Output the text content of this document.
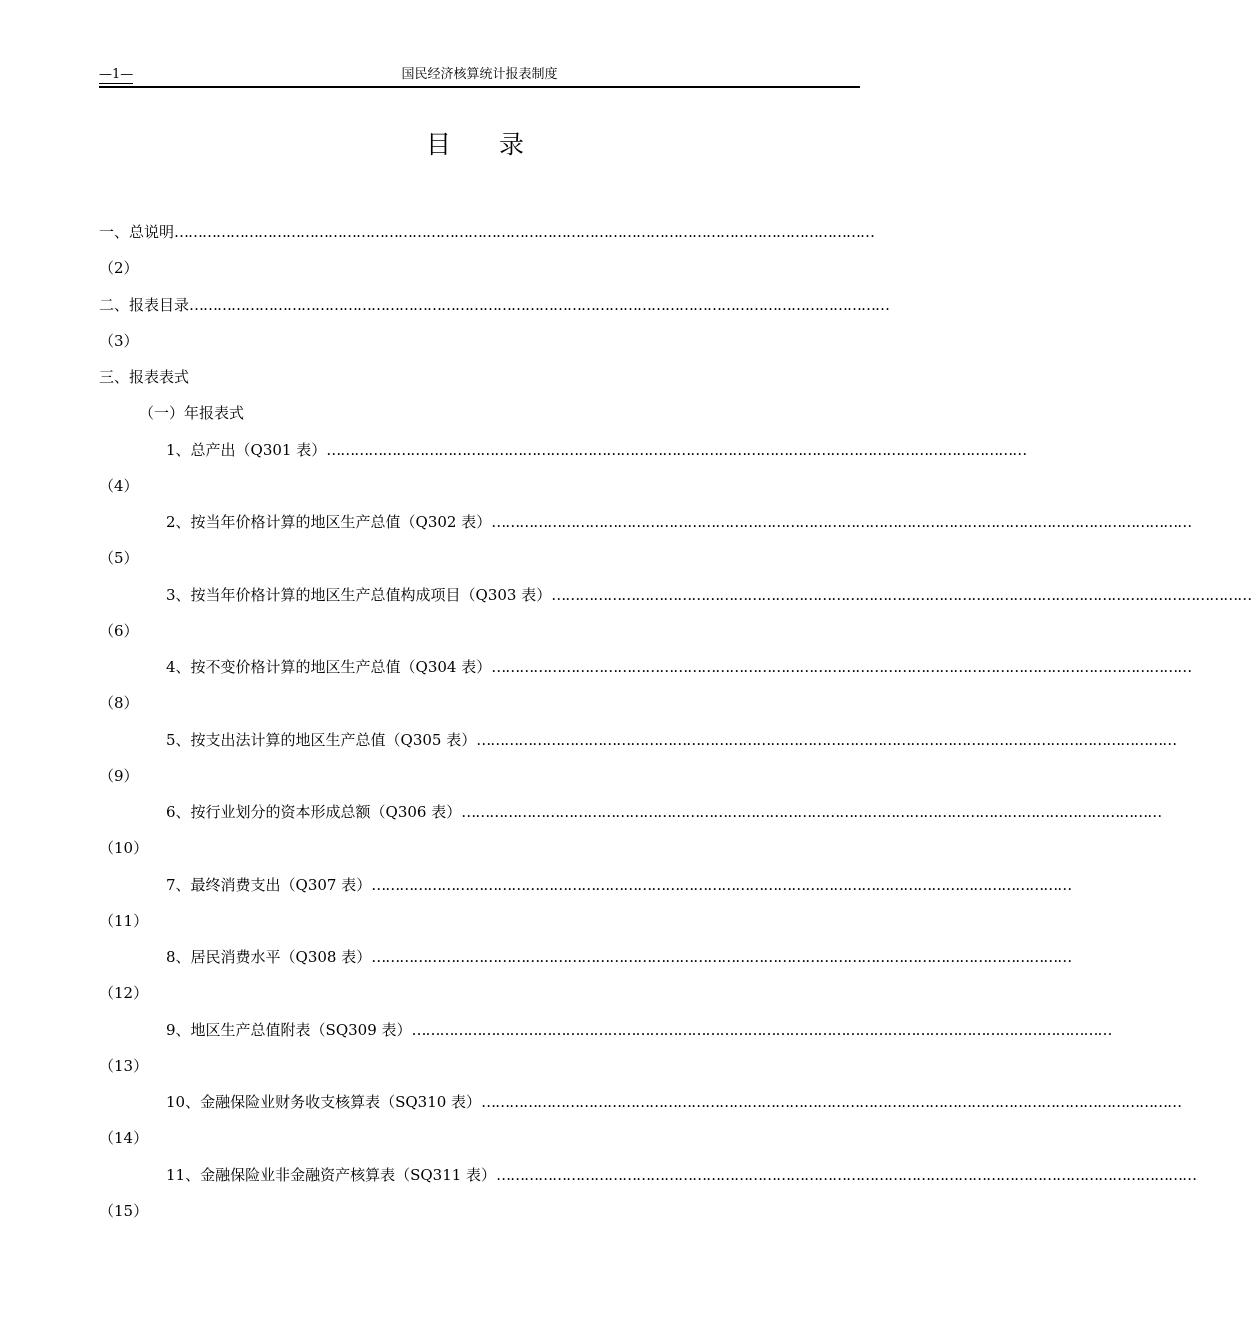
—1—	国民经济核算统计报表制度
目录
一、总说明 ……………………………………………………………………………………………………………………………………
（2）
二、报表目录 ……………………………………………………………………………………………………………………………………
（3）
三、报表表式
（一）年报表式
1、总产出（Q301 表） ……………………………………………………………………………………………………………………………………
（4）
2、按当年价格计算的地区生产总值（Q302 表） ……………………………………………………………………………………………………………………………………
（5）
3、按当年价格计算的地区生产总值构成项目（Q303 表） ……………………………………………………………………………………………………………………………………
（6）
4、按不变价格计算的地区生产总值（Q304 表） ……………………………………………………………………………………………………………………………………
（8）
5、按支出法计算的地区生产总值（Q305 表） ……………………………………………………………………………………………………………………………………
（9）
6、按行业划分的资本形成总额（Q306 表） ……………………………………………………………………………………………………………………………………
（10）
7、最终消费支出（Q307 表） ……………………………………………………………………………………………………………………………………
（11）
8、居民消费水平（Q308 表） ……………………………………………………………………………………………………………………………………
（12）
9、地区生产总值附表（SQ309 表） ……………………………………………………………………………………………………………………………………
（13）
10、金融保险业财务收支核算表（SQ310 表） ……………………………………………………………………………………………………………………………………
（14）
11、金融保险业非金融资产核算表（SQ311 表） ……………………………………………………………………………………………………………………………………
（15）
